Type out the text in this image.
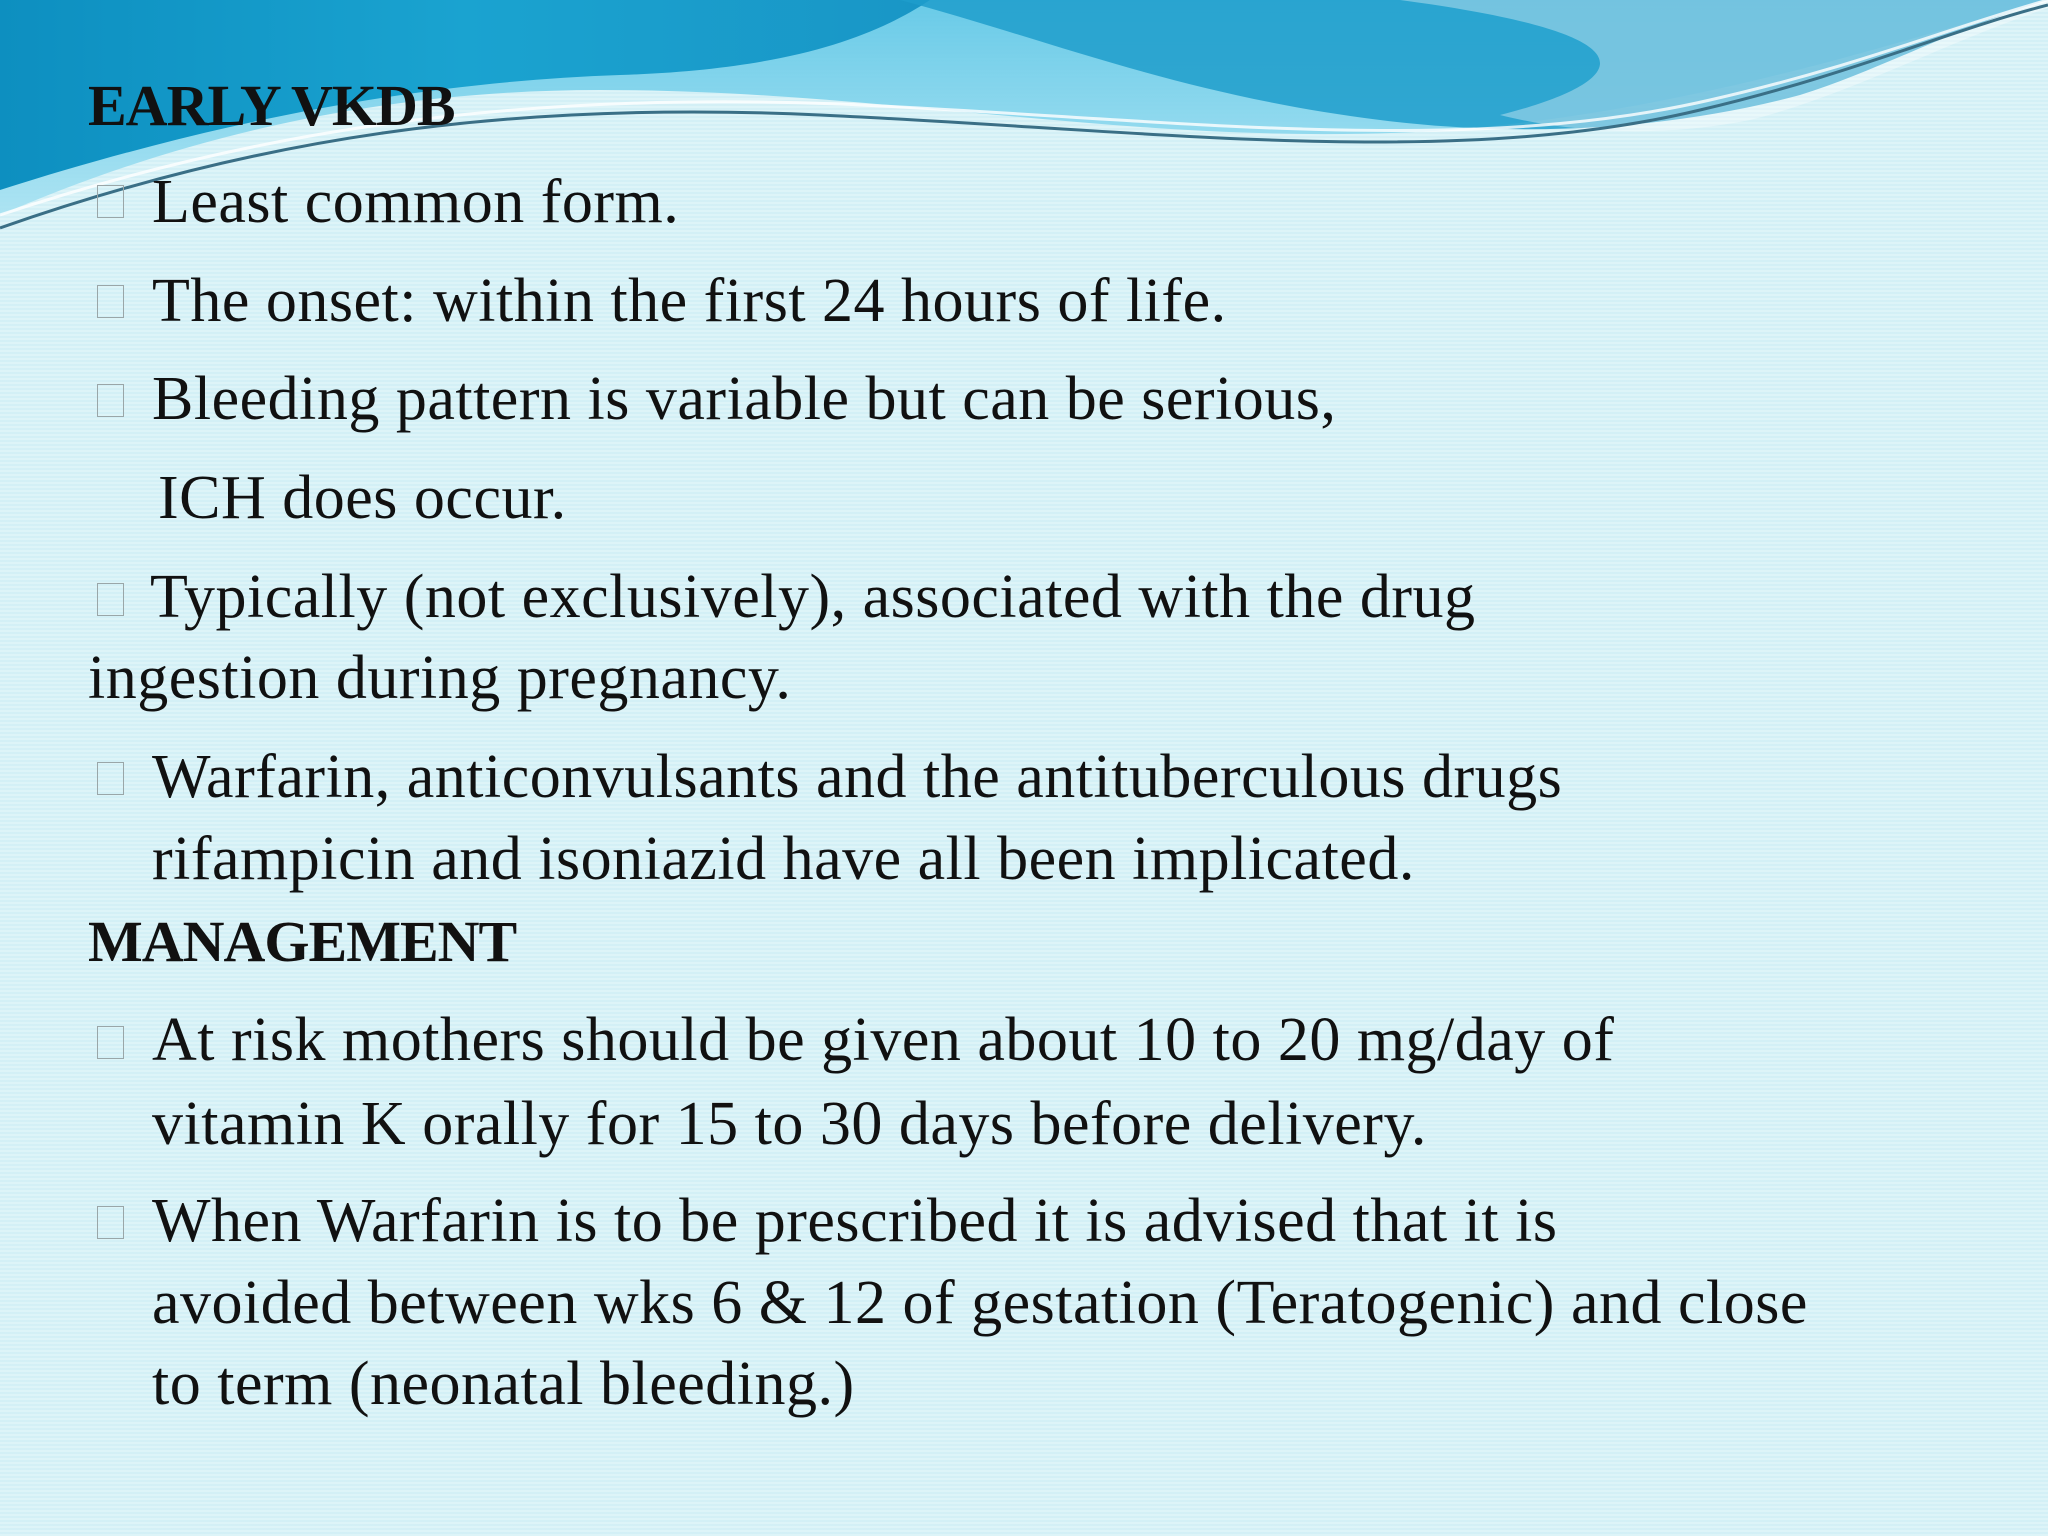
EARLY VKDB
Least common form.
The onset: within the first 24 hours of life.
Bleeding pattern is variable but can be serious,
ICH does occur.
Typically (not exclusively), associated with the drug
ingestion during pregnancy.
Warfarin, anticonvulsants and the antituberculous drugs
rifampicin and isoniazid have all been implicated.
MANAGEMENT
At risk mothers should be given about 10 to 20 mg/day of
vitamin K orally for 15 to 30 days before delivery.
When Warfarin is to be prescribed it is advised that it is
avoided between wks 6 & 12 of gestation (Teratogenic) and close
to term (neonatal bleeding.)
